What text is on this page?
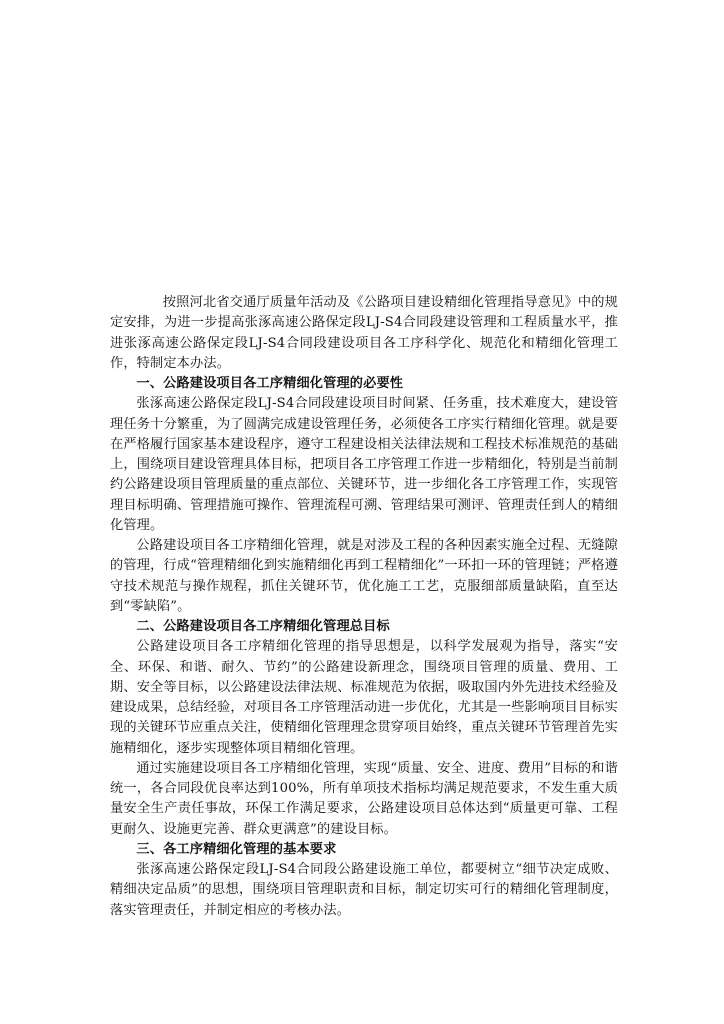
按照河北省交通厅质量年活动及《公路项目建设精细化管理指导意见》中的规定安排，为进一步提高张涿高速公路保定段LJ-S4合同段建设管理和工程质量水平，推进张涿高速公路保定段LJ-S4合同段建设项目各工序科学化、规范化和精细化管理工作，特制定本办法。

一、公路建设项目各工序精细化管理的必要性

张涿高速公路保定段LJ-S4合同段建设项目时间紧、任务重，技术难度大，建设管理任务十分繁重，为了圆满完成建设管理任务，必须使各工序实行精细化管理。就是要在严格履行国家基本建设程序，遵守工程建设相关法律法规和工程技术标准规范的基础上，围绕项目建设管理具体目标，把项目各工序管理工作进一步精细化，特别是当前制约公路建设项目管理质量的重点部位、关键环节，进一步细化各工序管理工作，实现管理目标明确、管理措施可操作、管理流程可溯、管理结果可测评、管理责任到人的精细化管理。

公路建设项目各工序精细化管理，就是对涉及工程的各种因素实施全过程、无缝隙的管理，行成“管理精细化到实施精细化再到工程精细化”一环扣一环的管理链；严格遵守技术规范与操作规程，抓住关键环节，优化施工工艺，克服细部质量缺陷，直至达到“零缺陷”。

二、公路建设项目各工序精细化管理总目标

公路建设项目各工序精细化管理的指导思想是，以科学发展观为指导，落实“安全、环保、和谐、耐久、节约”的公路建设新理念，围绕项目管理的质量、费用、工期、安全等目标，以公路建设法律法规、标准规范为依据，吸取国内外先进技术经验及建设成果，总结经验，对项目各工序管理活动进一步优化，尤其是一些影响项目目标实现的关键环节应重点关注，使精细化管理理念贯穿项目始终，重点关键环节管理首先实施精细化，逐步实现整体项目精细化管理。

通过实施建设项目各工序精细化管理，实现“质量、安全、进度、费用”目标的和谐统一，各合同段优良率达到100%，所有单项技术指标均满足规范要求，不发生重大质量安全生产责任事故，环保工作满足要求，公路建设项目总体达到“质量更可靠、工程更耐久、设施更完善、群众更满意”的建设目标。

三、各工序精细化管理的基本要求

张涿高速公路保定段LJ-S4合同段公路建设施工单位，都要树立“细节决定成败、精细决定品质”的思想，围绕项目管理职责和目标，制定切实可行的精细化管理制度，落实管理责任，并制定相应的考核办法。
